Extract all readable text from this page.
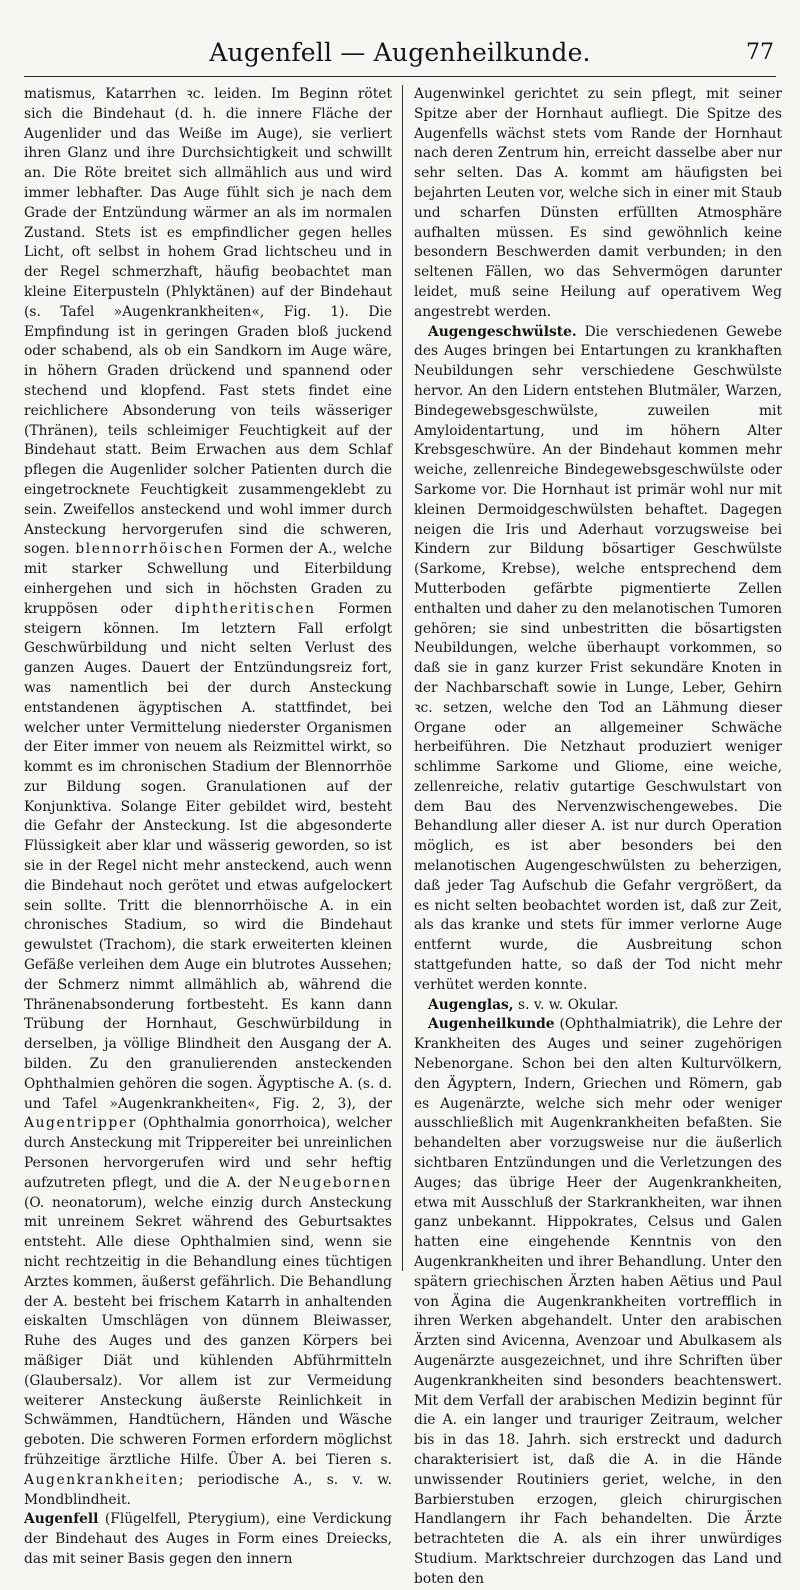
Augenfell — Augenheilkunde.	77

matismus, Katarrhen ꝛc. leiden. Im Beginn rötet sich die Bindehaut (d. h. die innere Fläche der Augenlider und das Weiße im Auge), sie verliert ihren Glanz und ihre Durchsichtigkeit und schwillt an. Die Röte breitet sich allmählich aus und wird immer lebhafter. Das Auge fühlt sich je nach dem Grade der Entzündung wärmer an als im normalen Zustand. Stets ist es empfindlicher gegen helles Licht, oft selbst in hohem Grad lichtscheu und in der Regel schmerzhaft, häufig beobachtet man kleine Eiterpusteln (Phlyktänen) auf der Bindehaut (s. Tafel »Augenkrankheiten«, Fig. 1). Die Empfindung ist in geringen Graden bloß juckend oder schabend, als ob ein Sandkorn im Auge wäre, in höhern Graden drückend und spannend oder stechend und klopfend. Fast stets findet eine reichlichere Absonderung von teils wässeriger (Thränen), teils schleimiger Feuchtigkeit auf der Bindehaut statt. Beim Erwachen aus dem Schlaf pflegen die Augenlider solcher Patienten durch die eingetrocknete Feuchtigkeit zusammengeklebt zu sein. Zweifellos ansteckend und wohl immer durch Ansteckung hervorgerufen sind die schweren, sogen. blennorrhöischen Formen der A., welche mit starker Schwellung und Eiterbildung einhergehen und sich in höchsten Graden zu kruppösen oder diphtheritischen Formen steigern können. Im letztern Fall erfolgt Geschwürbildung und nicht selten Verlust des ganzen Auges. Dauert der Entzündungsreiz fort, was namentlich bei der durch Ansteckung entstandenen ägyptischen A. stattfindet, bei welcher unter Vermittelung niederster Organismen der Eiter immer von neuem als Reizmittel wirkt, so kommt es im chronischen Stadium der Blennorrhöe zur Bildung sogen. Granulationen auf der Konjunktiva. Solange Eiter gebildet wird, besteht die Gefahr der Ansteckung. Ist die abgesonderte Flüssigkeit aber klar und wässerig geworden, so ist sie in der Regel nicht mehr ansteckend, auch wenn die Bindehaut noch gerötet und etwas aufgelockert sein sollte. Tritt die blennorrhöische A. in ein chronisches Stadium, so wird die Bindehaut gewulstet (Trachom), die stark erweiterten kleinen Gefäße verleihen dem Auge ein blutrotes Aussehen; der Schmerz nimmt allmählich ab, während die Thränenabsonderung fortbesteht. Es kann dann Trübung der Hornhaut, Geschwürbildung in derselben, ja völlige Blindheit den Ausgang der A. bilden. Zu den granulierenden ansteckenden Ophthalmien gehören die sogen. Ägyptische A. (s. d. und Tafel »Augenkrankheiten«, Fig. 2, 3), der Augentripper (Ophthalmia gonorrhoica), welcher durch Ansteckung mit Trippereiter bei unreinlichen Personen hervorgerufen wird und sehr heftig aufzutreten pflegt, und die A. der Neugebornen (O. neonatorum), welche einzig durch Ansteckung mit unreinem Sekret während des Geburtsaktes entsteht. Alle diese Ophthalmien sind, wenn sie nicht rechtzeitig in die Behandlung eines tüchtigen Arztes kommen, äußerst gefährlich. Die Behandlung der A. besteht bei frischem Katarrh in anhaltenden eiskalten Umschlägen von dünnem Bleiwasser, Ruhe des Auges und des ganzen Körpers bei mäßiger Diät und kühlenden Abführmitteln (Glaubersalz). Vor allem ist zur Vermeidung weiterer Ansteckung äußerste Reinlichkeit in Schwämmen, Handtüchern, Händen und Wäsche geboten. Die schweren Formen erfordern möglichst frühzeitige ärztliche Hilfe. Über A. bei Tieren s. Augenkrankheiten; periodische A., s. v. w. Mondblindheit.

Augenfell (Flügelfell, Pterygium), eine Verdickung der Bindehaut des Auges in Form eines Dreiecks, das mit seiner Basis gegen den innern

Augenwinkel gerichtet zu sein pflegt, mit seiner Spitze aber der Hornhaut aufliegt. Die Spitze des Augenfells wächst stets vom Rande der Hornhaut nach deren Zentrum hin, erreicht dasselbe aber nur sehr selten. Das A. kommt am häufigsten bei bejahrten Leuten vor, welche sich in einer mit Staub und scharfen Dünsten erfüllten Atmosphäre aufhalten müssen. Es sind gewöhnlich keine besondern Beschwerden damit verbunden; in den seltenen Fällen, wo das Sehvermögen darunter leidet, muß seine Heilung auf operativem Weg angestrebt werden.

Augengeschwülste. Die verschiedenen Gewebe des Auges bringen bei Entartungen zu krankhaften Neubildungen sehr verschiedene Geschwülste hervor. An den Lidern entstehen Blutmäler, Warzen, Bindegewebsgeschwülste, zuweilen mit Amyloidentartung, und im höhern Alter Krebsgeschwüre. An der Bindehaut kommen mehr weiche, zellenreiche Bindegewebsgeschwülste oder Sarkome vor. Die Hornhaut ist primär wohl nur mit kleinen Dermoidgeschwülsten behaftet. Dagegen neigen die Iris und Aderhaut vorzugsweise bei Kindern zur Bildung bösartiger Geschwülste (Sarkome, Krebse), welche entsprechend dem Mutterboden gefärbte pigmentierte Zellen enthalten und daher zu den melanotischen Tumoren gehören; sie sind unbestritten die bösartigsten Neubildungen, welche überhaupt vorkommen, so daß sie in ganz kurzer Frist sekundäre Knoten in der Nachbarschaft sowie in Lunge, Leber, Gehirn ꝛc. setzen, welche den Tod an Lähmung dieser Organe oder an allgemeiner Schwäche herbeiführen. Die Netzhaut produziert weniger schlimme Sarkome und Gliome, eine weiche, zellenreiche, relativ gutartige Geschwulstart von dem Bau des Nervenzwischengewebes. Die Behandlung aller dieser A. ist nur durch Operation möglich, es ist aber besonders bei den melanotischen Augengeschwülsten zu beherzigen, daß jeder Tag Aufschub die Gefahr vergrößert, da es nicht selten beobachtet worden ist, daß zur Zeit, als das kranke und stets für immer verlorne Auge entfernt wurde, die Ausbreitung schon stattgefunden hatte, so daß der Tod nicht mehr verhütet werden konnte.

Augenglas, s. v. w. Okular.

Augenheilkunde (Ophthalmiatrik), die Lehre der Krankheiten des Auges und seiner zugehörigen Nebenorgane. Schon bei den alten Kulturvölkern, den Ägyptern, Indern, Griechen und Römern, gab es Augenärzte, welche sich mehr oder weniger ausschließlich mit Augenkrankheiten befaßten. Sie behandelten aber vorzugsweise nur die äußerlich sichtbaren Entzündungen und die Verletzungen des Auges; das übrige Heer der Augenkrankheiten, etwa mit Ausschluß der Starkrankheiten, war ihnen ganz unbekannt. Hippokrates, Celsus und Galen hatten eine eingehende Kenntnis von den Augenkrankheiten und ihrer Behandlung. Unter den spätern griechischen Ärzten haben Aëtius und Paul von Ägina die Augenkrankheiten vortrefflich in ihren Werken abgehandelt. Unter den arabischen Ärzten sind Avicenna, Avenzoar und Abulkasem als Augenärzte ausgezeichnet, und ihre Schriften über Augenkrankheiten sind besonders beachtenswert. Mit dem Verfall der arabischen Medizin beginnt für die A. ein langer und trauriger Zeitraum, welcher bis in das 18. Jahrh. sich erstreckt und dadurch charakterisiert ist, daß die A. in die Hände unwissender Routiniers geriet, welche, in den Barbierstuben erzogen, gleich chirurgischen Handlangern ihr Fach behandelten. Die Ärzte betrachteten die A. als ein ihrer unwürdiges Studium. Marktschreier durchzogen das Land und boten den
